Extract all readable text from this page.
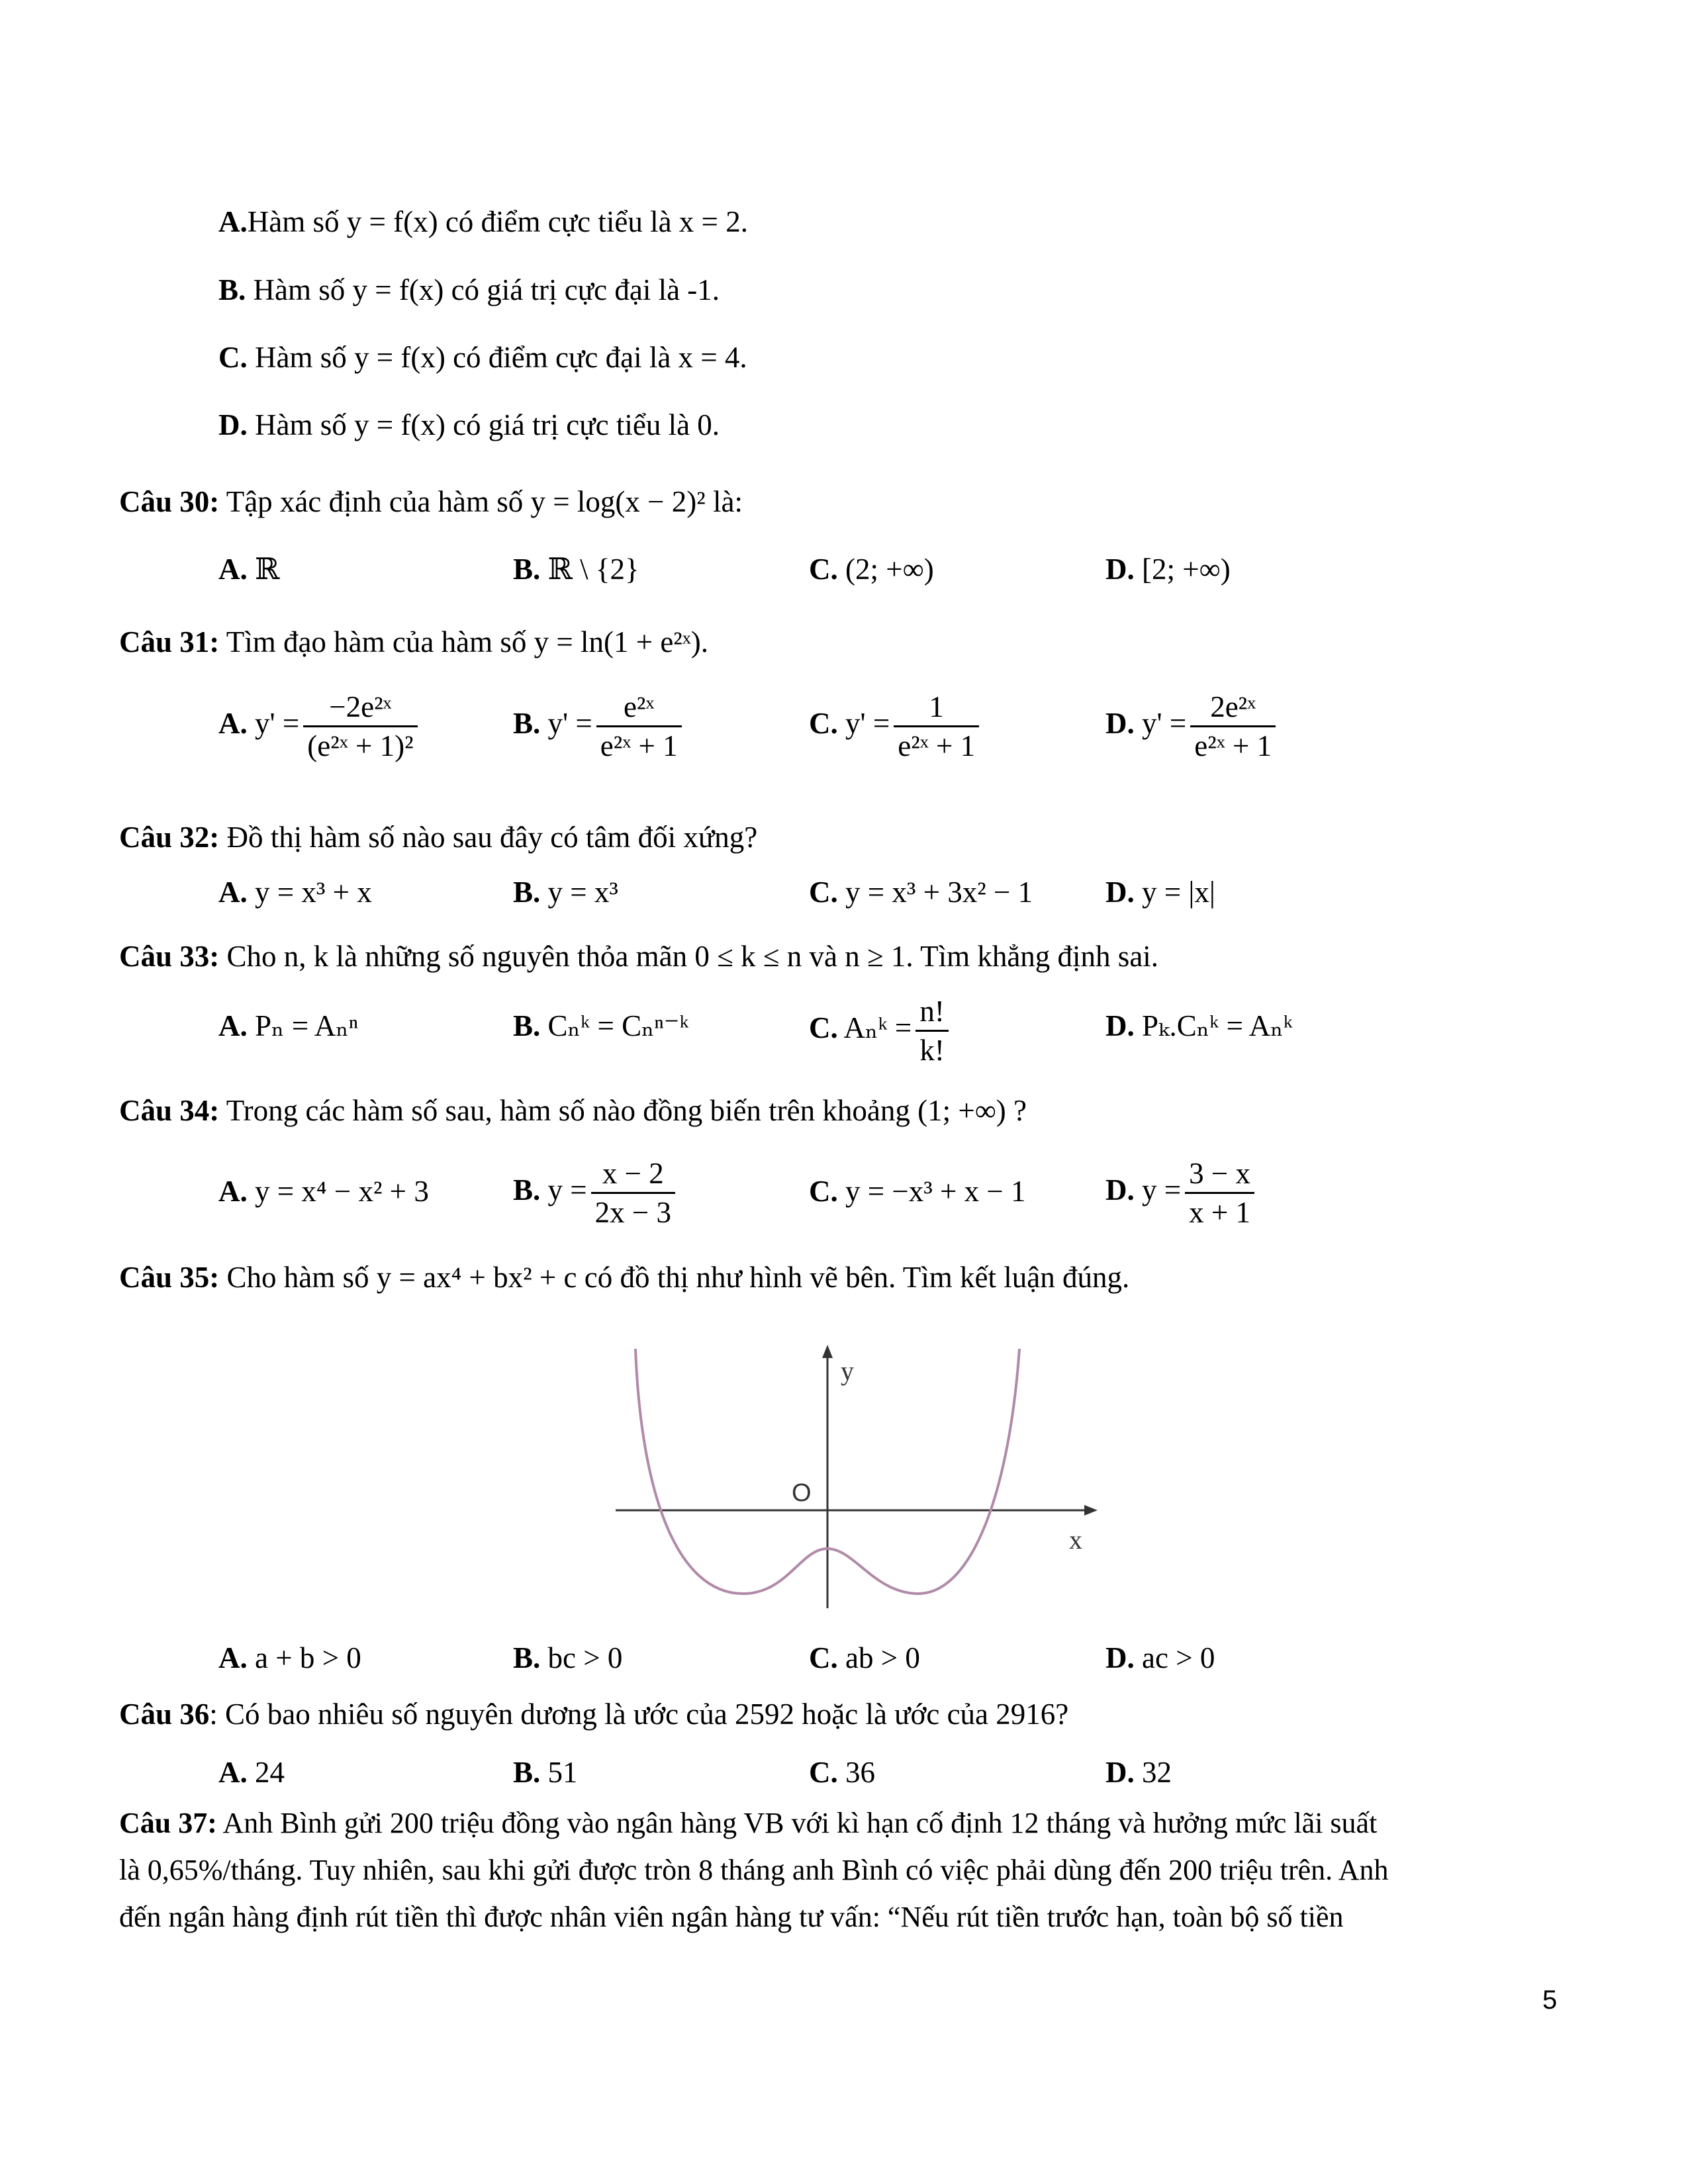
A.Hàm số y = f(x) có điểm cực tiểu là x = 2.
B. Hàm số y = f(x) có giá trị cực đại là -1.
C. Hàm số y = f(x) có điểm cực đại là x = 4.
D. Hàm số y = f(x) có giá trị cực tiểu là 0.
Câu 30: Tập xác định của hàm số y = log(x − 2)² là:
A. ℝ	B. ℝ \ {2}	C. (2; +∞)	D. [2; +∞)
Câu 31: Tìm đạo hàm của hàm số y = ln(1 + e²ˣ).
A. $y' = \frac{\text{−2e²ˣ}}{\text{(e²ˣ + 1)²}}$	B. $y' = \frac{\text{e²ˣ}}{\text{e²ˣ + 1}}$	C. $y' = \frac{1}{\text{e²ˣ + 1}}$	D. $y' = \frac{\text{2e²ˣ}}{\text{e²ˣ + 1}}$
Câu 32: Đồ thị hàm số nào sau đây có tâm đối xứng?
A. y = x³ + x	B. y = x³	C. y = x³ + 3x² − 1 D. y = |x|
Câu 33: Cho n, k là những số nguyên thỏa mãn 0 ≤ k ≤ n và n ≥ 1. Tìm khẳng định sai.
A. Pₙ = Aₙⁿ	B. Cₙᵏ = Cₙⁿ⁻ᵏ	C. Aₙᵏ = $\frac{n!}{k!}$	D. Pₖ.Cₙᵏ = Aₙᵏ
Câu 34: Trong các hàm số sau, hàm số nào đồng biến trên khoảng (1; +∞) ?
A. y = x⁴ − x² + 3	B. $y = \frac{x - 2}{2x - 3}$	C. y = −x³ + x − 1	D. $y = \frac{3 - x}{x + 1}$
Câu 35: Cho hàm số y = ax⁴ + bx² + c có đồ thị như hình vẽ bên. Tìm kết luận đúng.
y
x
O
A. a + b > 0	B. bc > 0	C. ab > 0	D. ac > 0
Câu 36: Có bao nhiêu số nguyên dương là ước của 2592 hoặc là ước của 2916?
A. 24	B. 51	C. 36	D. 32
Câu 37: Anh Bình gửi 200 triệu đồng vào ngân hàng VB với kì hạn cố định 12 tháng và hưởng mức lãi suất
là 0,65%/tháng. Tuy nhiên, sau khi gửi được tròn 8 tháng anh Bình có việc phải dùng đến 200 triệu trên. Anh
đến ngân hàng định rút tiền thì được nhân viên ngân hàng tư vấn: “Nếu rút tiền trước hạn, toàn bộ số tiền
5
